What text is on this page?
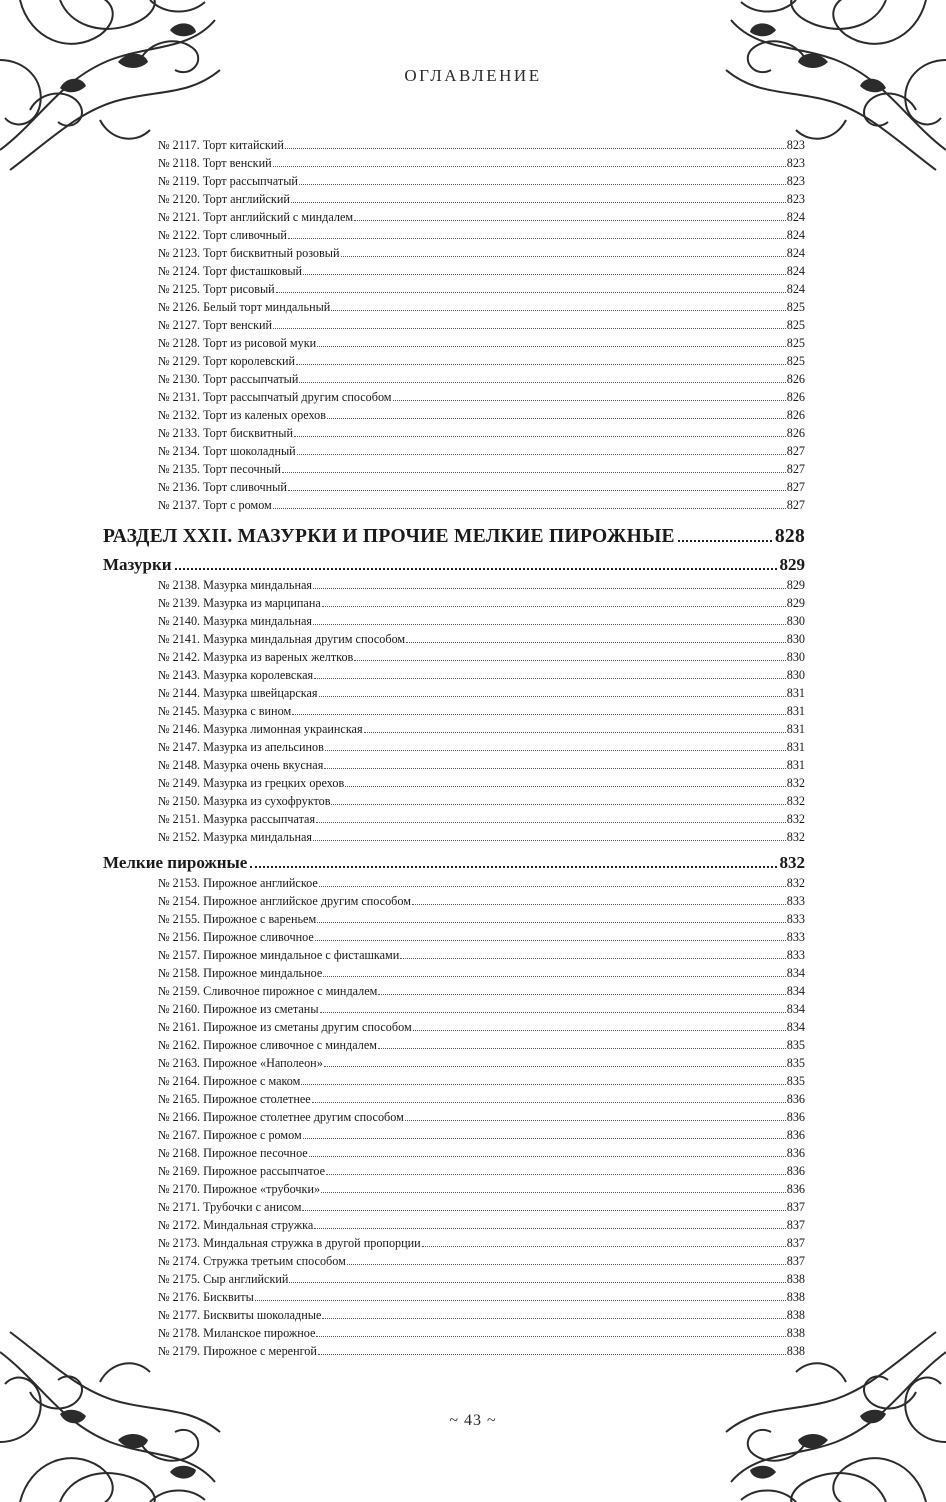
ОГЛАВЛЕНИЕ
№ 2117. Торт китайский	823
№ 2118. Торт венский	823
№ 2119. Торт рассыпчатый	823
№ 2120. Торт английский	823
№ 2121. Торт английский с миндалем	824
№ 2122. Торт сливочный	824
№ 2123. Торт бисквитный розовый	824
№ 2124. Торт фисташковый	824
№ 2125. Торт рисовый	824
№ 2126. Белый торт миндальный	825
№ 2127. Торт венский	825
№ 2128. Торт из рисовой муки	825
№ 2129. Торт королевский	825
№ 2130. Торт рассыпчатый	826
№ 2131. Торт рассыпчатый другим способом	826
№ 2132. Торт из каленых орехов	826
№ 2133. Торт бисквитный	826
№ 2134. Торт шоколадный	827
№ 2135. Торт песочный	827
№ 2136. Торт сливочный	827
№ 2137. Торт с ромом	827
РАЗДЕЛ XXII. МАЗУРКИ И ПРОЧИЕ МЕЛКИЕ ПИРОЖНЫЕ	828
Мазурки	829
№ 2138. Мазурка миндальная	829
№ 2139. Мазурка из марципана	829
№ 2140. Мазурка миндальная	830
№ 2141. Мазурка миндальная другим способом	830
№ 2142. Мазурка из вареных желтков	830
№ 2143. Мазурка королевская	830
№ 2144. Мазурка швейцарская	831
№ 2145. Мазурка с вином	831
№ 2146. Мазурка лимонная украинская	831
№ 2147. Мазурка из апельсинов	831
№ 2148. Мазурка очень вкусная	831
№ 2149. Мазурка из грецких орехов	832
№ 2150. Мазурка из сухофруктов	832
№ 2151. Мазурка рассыпчатая	832
№ 2152. Мазурка миндальная	832
Мелкие пирожные	832
№ 2153. Пирожное английское	832
№ 2154. Пирожное английское другим способом	833
№ 2155. Пирожное с вареньем	833
№ 2156. Пирожное сливочное	833
№ 2157. Пирожное миндальное с фисташками	833
№ 2158. Пирожное миндальное	834
№ 2159. Сливочное пирожное с миндалем	834
№ 2160. Пирожное из сметаны	834
№ 2161. Пирожное из сметаны другим способом	834
№ 2162. Пирожное сливочное с миндалем	835
№ 2163. Пирожное «Наполеон»	835
№ 2164. Пирожное с маком	835
№ 2165. Пирожное столетнее	836
№ 2166. Пирожное столетнее другим способом	836
№ 2167. Пирожное с ромом	836
№ 2168. Пирожное песочное	836
№ 2169. Пирожное рассыпчатое	836
№ 2170. Пирожное «трубочки»	836
№ 2171. Трубочки с анисом	837
№ 2172. Миндальная стружка	837
№ 2173. Миндальная стружка в другой пропорции	837
№ 2174. Стружка третьим способом	837
№ 2175. Сыр английский	838
№ 2176. Бисквиты	838
№ 2177. Бисквиты шоколадные	838
№ 2178. Миланское пирожное	838
№ 2179. Пирожное с меренгой	838
~ 43 ~
